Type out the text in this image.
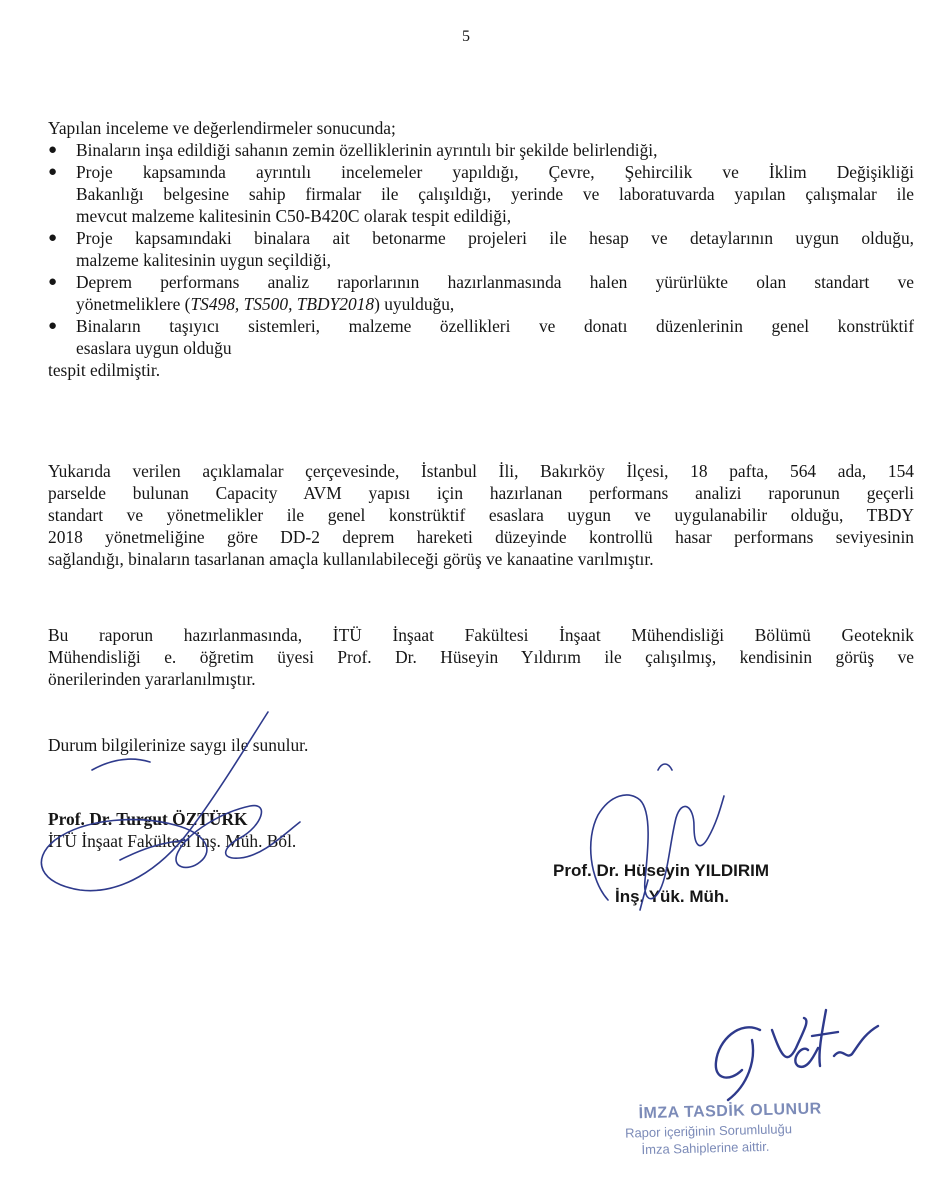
5
Yapılan inceleme ve değerlendirmeler sonucunda;
●	Binaların inşa edildiği sahanın zemin özelliklerinin ayrıntılı bir şekilde belirlendiği,
●	Proje kapsamında ayrıntılı incelemeler yapıldığı, Çevre, Şehircilik ve İklim Değişikliği
Bakanlığı belgesine sahip firmalar ile çalışıldığı, yerinde ve laboratuvarda yapılan çalışmalar ile
mevcut malzeme kalitesinin C50-B420C olarak tespit edildiği,
●	Proje kapsamındaki binalara ait betonarme projeleri ile hesap ve detaylarının uygun olduğu,
malzeme kalitesinin uygun seçildiği,
●	Deprem performans analiz raporlarının hazırlanmasında halen yürürlükte olan standart ve
yönetmeliklere (TS498, TS500, TBDY2018) uyulduğu,
●	Binaların taşıyıcı sistemleri, malzeme özellikleri ve donatı düzenlerinin genel konstrüktif
esaslara uygun olduğu
tespit edilmiştir.
Yukarıda verilen açıklamalar çerçevesinde, İstanbul İli, Bakırköy İlçesi, 18 pafta, 564 ada, 154
parselde bulunan Capacity AVM yapısı için hazırlanan performans analizi raporunun geçerli
standart ve yönetmelikler ile genel konstrüktif esaslara uygun ve uygulanabilir olduğu, TBDY
2018 yönetmeliğine göre DD-2 deprem hareketi düzeyinde kontrollü hasar performans seviyesinin
sağlandığı, binaların tasarlanan amaçla kullanılabileceği görüş ve kanaatine varılmıştır.
Bu raporun hazırlanmasında, İTÜ İnşaat Fakültesi İnşaat Mühendisliği Bölümü Geoteknik
Mühendisliği e. öğretim üyesi Prof. Dr. Hüseyin Yıldırım ile çalışılmış, kendisinin görüş ve
önerilerinden yararlanılmıştır.
Durum bilgilerinize saygı ile sunulur.
Prof. Dr. Turgut ÖZTÜRK
İTÜ İnşaat Fakültesi İnş. Müh. Böl.
Prof. Dr. Hüseyin YILDIRIM
İnş. Yük. Müh.
İMZA TASDİK OLUNUR
Rapor içeriğinin Sorumluluğu
İmza Sahiplerine aittir.
